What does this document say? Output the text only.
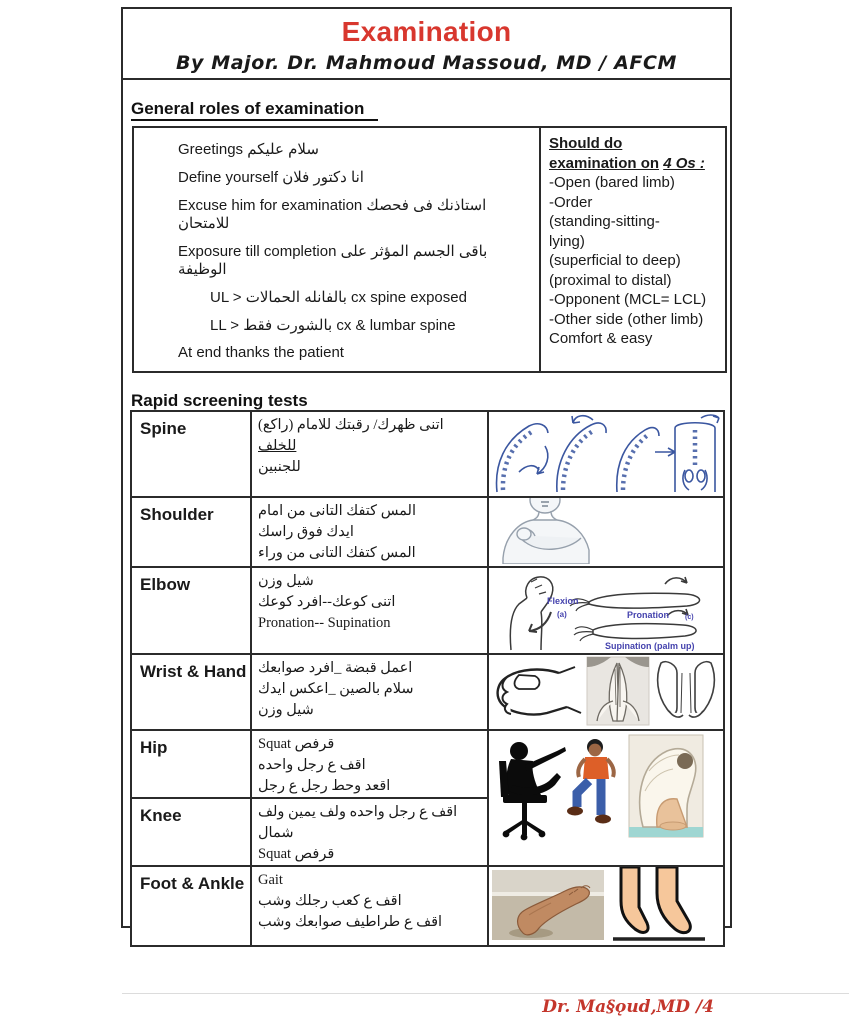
Examination
By Major. Dr. Mahmoud Massoud, MD / AFCM
General roles of examination
Greetings سلام عليكم
Define yourself انا دكتور فلان
Excuse him for examination استاذنك فى فحصك للامتحان
Exposure till completion باقى الجسم المؤثر على الوظيفة
UL > بالفانله الحمالات cx spine exposed
LL > بالشورت فقط cx & lumbar spine
At end thanks the patient
Should do
examination on 4 Os :
-Open (bared limb)
-Order
(standing-sitting-
lying)
(superficial to deep)
(proximal to distal)
-Opponent (MCL= LCL)
-Other side (other limb)
Comfort & easy
Rapid screening tests
Spine	اتنى ظهرك/ رقبتك للامام (راكع)
للخلف
للجنبين

Shoulder	المس كتفك التانى من امام
ايدك فوق راسك
المس كتفك التانى من وراء

Elbow	شيل وزن
اتنى كوعك--افرد كوعك
Pronation-- Supination

Flexion
(a)	Pronation (c)
Supination (palm up)

Wrist & Hand	اعمل قبضة _افرد صوابعك
سلام بالصين _اعكس ايدك
شيل وزن

Hip	قرفص Squat
اقف ع رجل واحده
اقعد وحط رجل ع رجل

Knee	اقف ع رجل واحده ولف يمين ولف
شمال
قرفص Squat	

Foot & Ankle	Gait
اقف ع كعب رجلك وشب
اقف ع طراطيف صوابعك وشب

Dr. Ma§ǫud,MD /4
